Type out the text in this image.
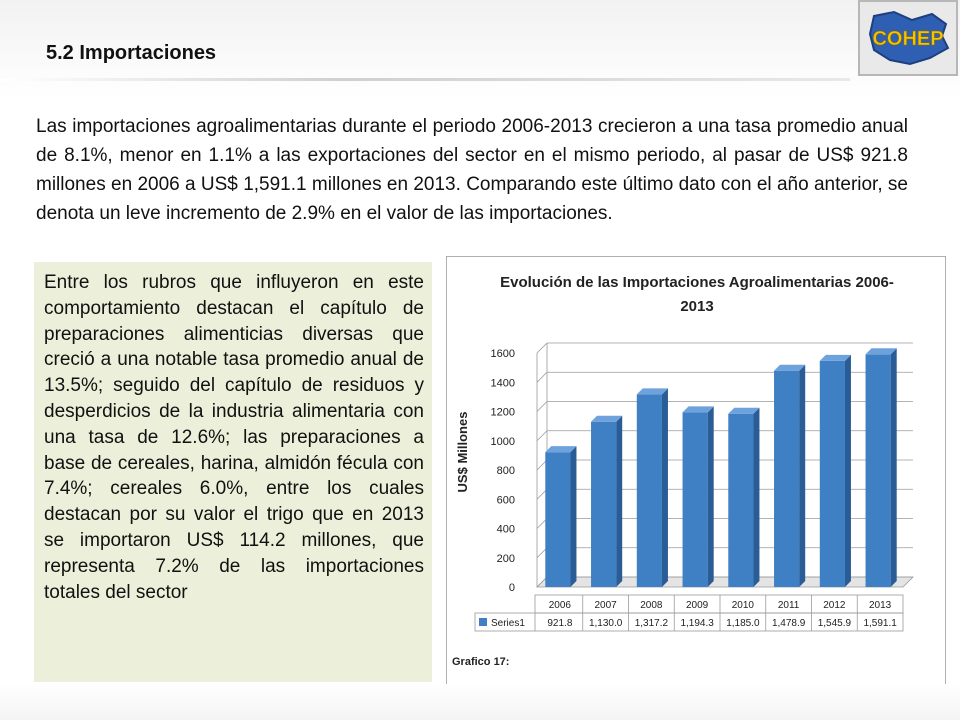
5.2 Importaciones
COHEP
Las importaciones agroalimentarias durante el periodo 2006-2013 crecieron a una tasa promedio anual de 8.1%, menor en 1.1% a las exportaciones del sector en el mismo periodo, al pasar de US$ 921.8 millones en 2006 a US$ 1,591.1 millones en 2013. Comparando este último dato con el año anterior, se denota un leve incremento de 2.9% en el valor de las importaciones.
Entre los rubros que influyeron en este comportamiento destacan el capítulo de preparaciones alimenticias diversas que creció a una notable tasa promedio anual de 13.5%; seguido del capítulo de residuos y desperdicios de la industria alimentaria con una tasa de 12.6%; las preparaciones a base de cereales, harina, almidón fécula con 7.4%; cereales 6.0%, entre los cuales destacan por su valor el trigo que en 2013 se importaron US$ 114.2 millones, que representa 7.2% de las importaciones totales del sector
Evolución de las Importaciones Agroalimentarias 2006-
2013
0
200
400
600
800
1000
1200
1400
1600
2006
921.8
2007
1,130.0
2008
1,317.2
2009
1,194.3
2010
1,185.0
2011
1,478.9
2012
1,545.9
2013
1,591.1
Series1
US$ Millones
Grafico 17:
